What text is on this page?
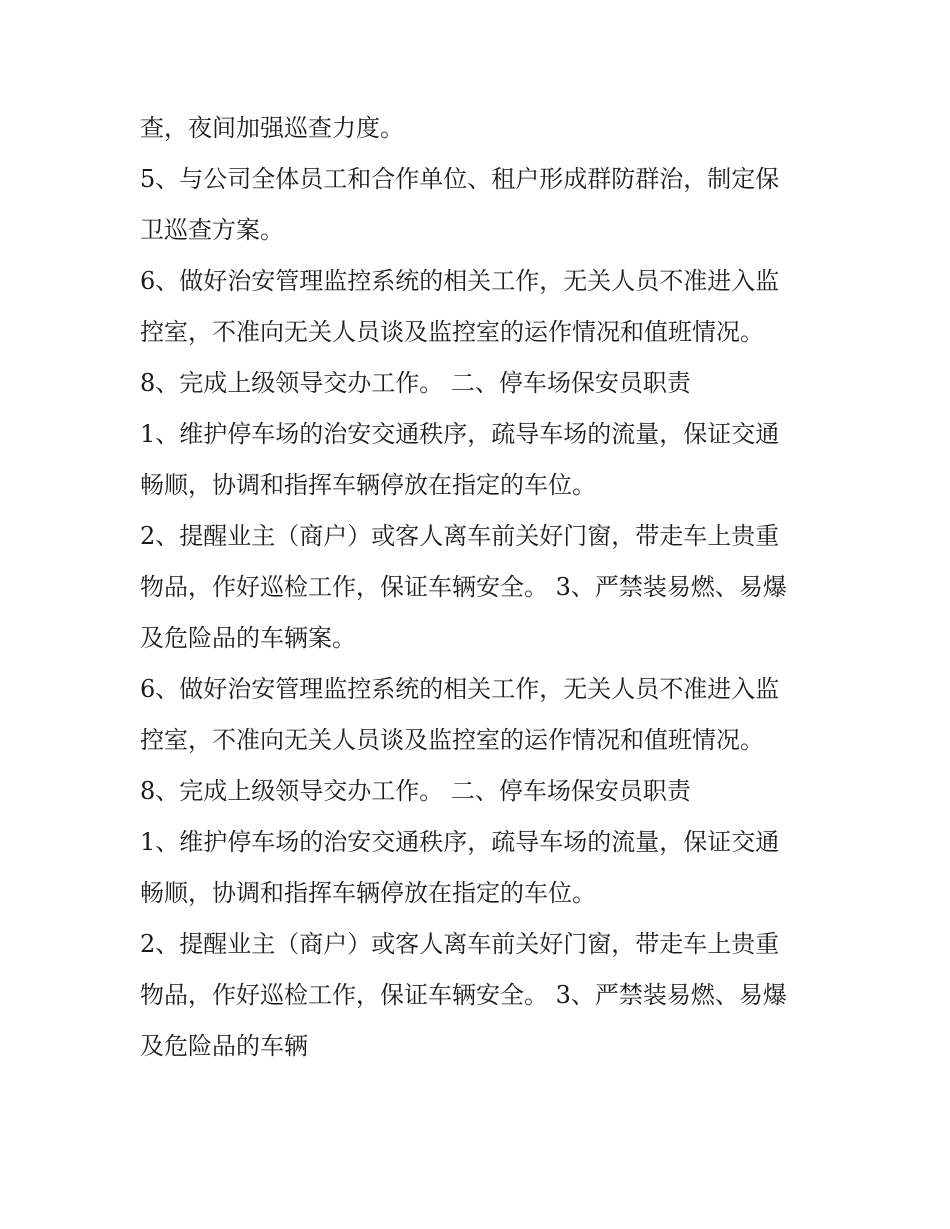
查，夜间加强巡查力度。
5、与公司全体员工和合作单位、租户形成群防群治，制定保
卫巡查方案。
6、做好治安管理监控系统的相关工作，无关人员不准进入监
控室，不准向无关人员谈及监控室的运作情况和值班情况。
8、完成上级领导交办工作。 二、停车场保安员职责
1、维护停车场的治安交通秩序，疏导车场的流量，保证交通
畅顺，协调和指挥车辆停放在指定的车位。
2、提醒业主（商户）或客人离车前关好门窗，带走车上贵重
物品，作好巡检工作，保证车辆安全。 3、严禁装易燃、易爆
及危险品的车辆案。
6、做好治安管理监控系统的相关工作，无关人员不准进入监
控室，不准向无关人员谈及监控室的运作情况和值班情况。
8、完成上级领导交办工作。 二、停车场保安员职责
1、维护停车场的治安交通秩序，疏导车场的流量，保证交通
畅顺，协调和指挥车辆停放在指定的车位。
2、提醒业主（商户）或客人离车前关好门窗，带走车上贵重
物品，作好巡检工作，保证车辆安全。 3、严禁装易燃、易爆
及危险品的车辆
